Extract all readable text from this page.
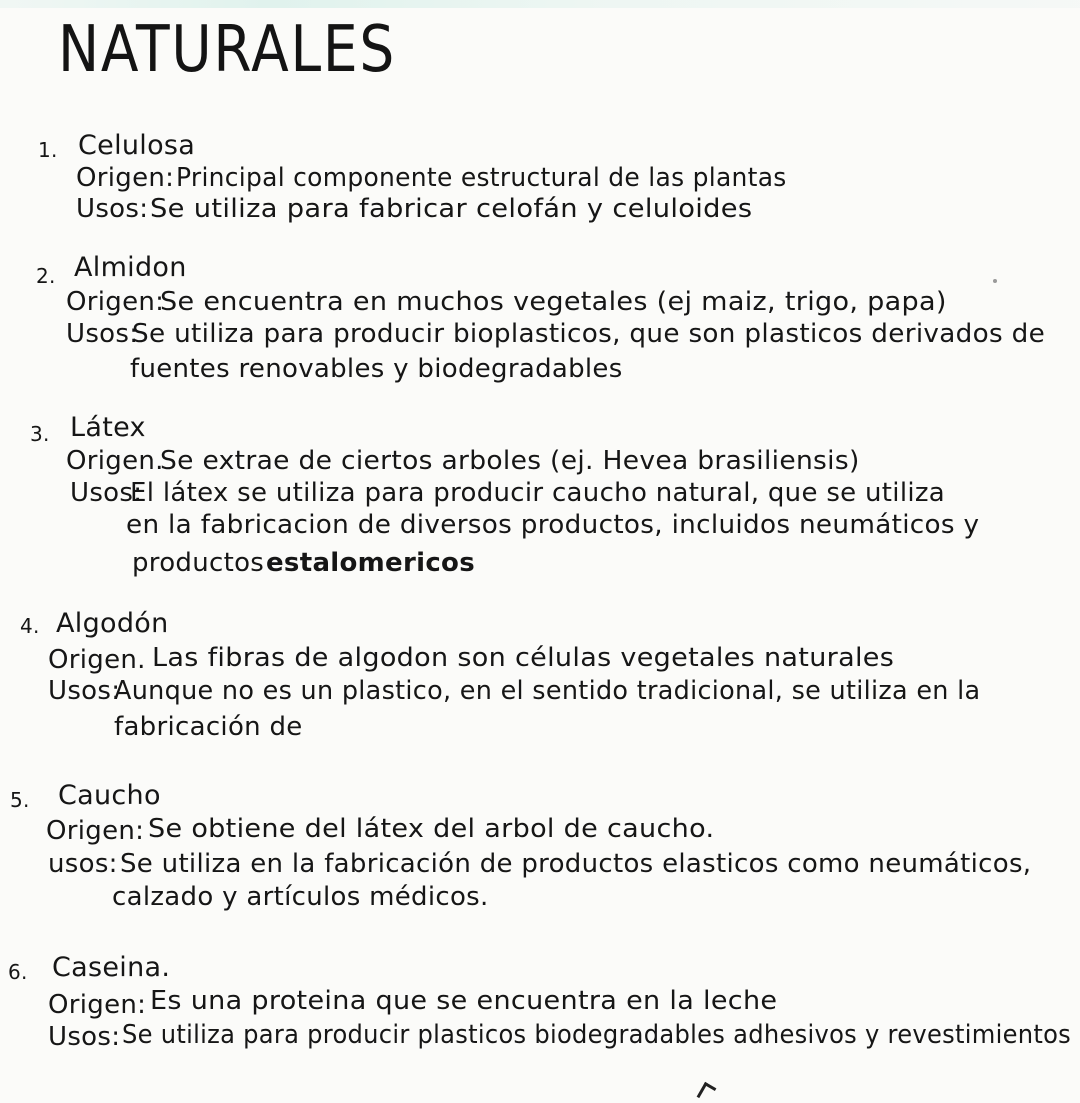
NATURALES
1. Celulosa
Origen: Principal componente estructural de las plantas
Usos: Se utiliza para fabricar celofán y celuloides
2. Almidon
Origen:
Se encuentra en muchos vegetales (ej maiz, trigo, papa)
Usos:
Se utiliza para producir bioplasticos, que son plasticos derivados de
fuentes renovables y biodegradables
3. Látex
Origen.
Se extrae de ciertos arboles (ej. Hevea brasiliensis)
Usos:
El látex se utiliza para producir caucho natural, que se utiliza
en la fabricacion de diversos productos, incluidos neumáticos y
productos estalomericos
4. Algodón
Origen. Las fibras de algodon son células vegetales naturales
Usos:
Aunque no es un plastico, en el sentido tradicional, se utiliza en la
fabricación de
5. Caucho
Origen: Se obtiene del látex del arbol de caucho.
usos: Se utiliza en la fabricación de productos elasticos como neumáticos,
calzado y artículos médicos.
6. Caseina.
Origen: Es una proteina que se encuentra en la leche
Usos: Se utiliza para producir plasticos biodegradables adhesivos y revestimientos
